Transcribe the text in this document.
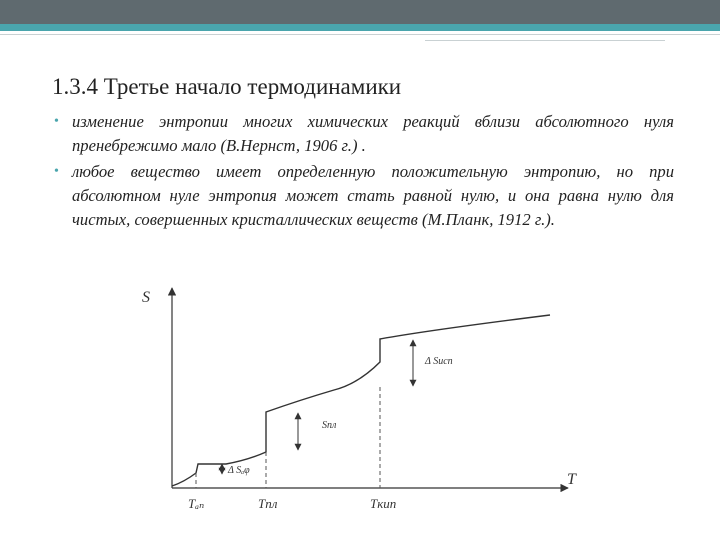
1.3.4 Третье начало термодинамики
• изменение энтропии многих химических реакций вблизи абсолютного нуля пренебрежимо мало (В.Нернст, 1906 г.) .
• любое вещество имеет определенную положительную энтропию, но при абсолютном нуле энтропия может стать равной нулю, и она равна нулю для чистых, совершенных кристаллических веществ (М.Планк, 1912 г.).
S
T
Δ Sₐφ
Sпл
Δ Sисп
Tₐₙ	Tпл	Tкип
